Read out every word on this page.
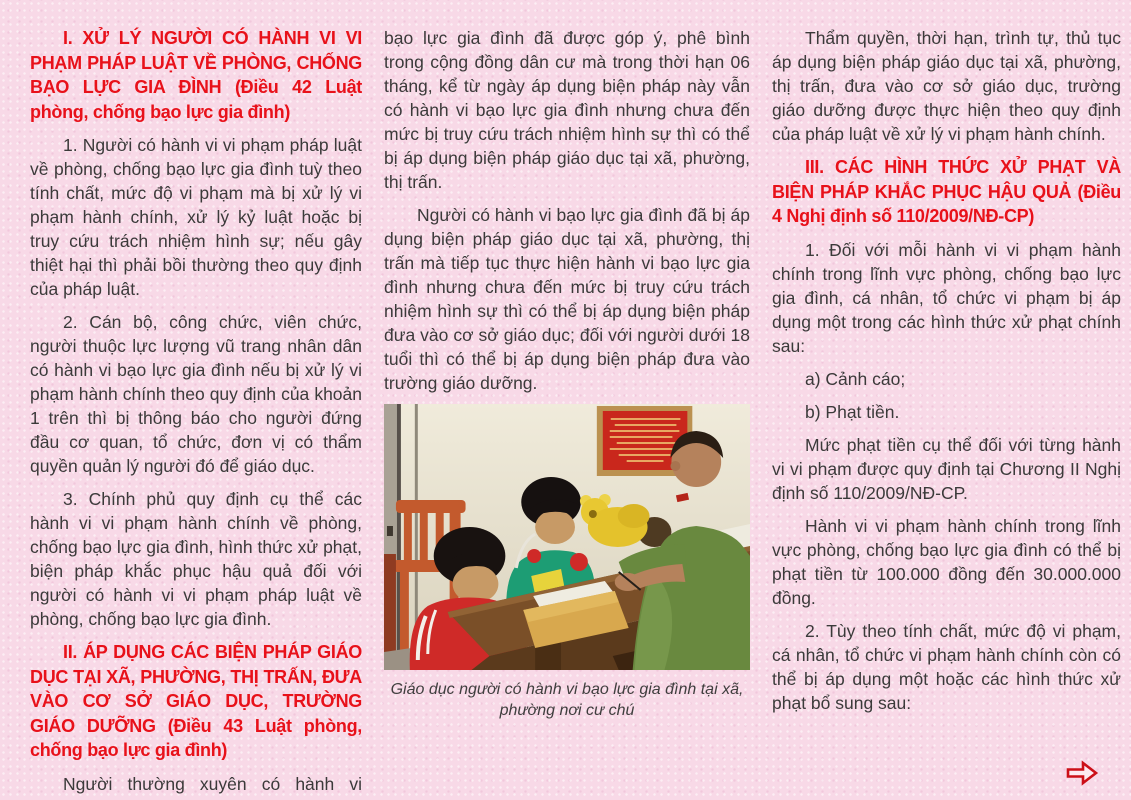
I. XỬ LÝ NGƯỜI CÓ HÀNH VI VI PHẠM PHÁP LUẬT VỀ PHÒNG, CHỐNG BẠO LỰC GIA ĐÌNH (Điều 42 Luật phòng, chống bạo lực gia đình)

1. Người có hành vi vi phạm pháp luật về phòng, chống bạo lực gia đình tuỳ theo tính chất, mức độ vi phạm mà bị xử lý vi phạm hành chính, xử lý kỷ luật hoặc bị truy cứu trách nhiệm hình sự; nếu gây thiệt hại thì phải bồi thường theo quy định của pháp luật.

2. Cán bộ, công chức, viên chức, người thuộc lực lượng vũ trang nhân dân có hành vi bạo lực gia đình nếu bị xử lý vi phạm hành chính theo quy định của khoản 1 trên thì bị thông báo cho người đứng đầu cơ quan, tổ chức, đơn vị có thẩm quyền quản lý người đó để giáo dục.

3. Chính phủ quy định cụ thể các hành vi vi phạm hành chính về phòng, chống bạo lực gia đình, hình thức xử phạt, biện pháp khắc phục hậu quả đối với người có hành vi vi phạm pháp luật về phòng, chống bạo lực gia đình.

II. ÁP DỤNG CÁC BIỆN PHÁP GIÁO DỤC TẠI XÃ, PHƯỜNG, THỊ TRẤN, ĐƯA VÀO CƠ SỞ GIÁO DỤC, TRƯỜNG GIÁO DƯỠNG (Điều 43 Luật phòng, chống bạo lực gia đình)

Người thường xuyên có hành vi

bạo lực gia đình đã được góp ý, phê bình trong cộng đồng dân cư mà trong thời hạn 06 tháng, kể từ ngày áp dụng biện pháp này vẫn có hành vi bạo lực gia đình nhưng chưa đến mức bị truy cứu trách nhiệm hình sự thì có thể bị áp dụng biện pháp giáo dục tại xã, phường, thị trấn.

Người có hành vi bạo lực gia đình đã bị áp dụng biện pháp giáo dục tại xã, phường, thị trấn mà tiếp tục thực hiện hành vi bạo lực gia đình nhưng chưa đến mức bị truy cứu trách nhiệm hình sự thì có thể bị áp dụng biện pháp đưa vào cơ sở giáo dục; đối với người dưới 18 tuổi thì có thể bị áp dụng biện pháp đưa vào trường giáo dưỡng.

Giáo dục người có hành vi bạo lực gia đình tại xã, phường nơi cư chú

Thẩm quyền, thời hạn, trình tự, thủ tục áp dụng biện pháp giáo dục tại xã, phường, thị trấn, đưa vào cơ sở giáo dục, trường giáo dưỡng được thực hiện theo quy định của pháp luật về xử lý vi phạm hành chính.

III. CÁC HÌNH THỨC XỬ PHẠT VÀ BIỆN PHÁP KHẮC PHỤC HẬU QUẢ (Điều 4 Nghị định số 110/2009/NĐ-CP)

1. Đối với mỗi hành vi vi phạm hành chính trong lĩnh vực phòng, chống bạo lực gia đình, cá nhân, tổ chức vi phạm bị áp dụng một trong các hình thức xử phạt chính sau:

a) Cảnh cáo;

b) Phạt tiền.

Mức phạt tiền cụ thể đối với từng hành vi vi phạm được quy định tại Chương II Nghị định số 110/2009/NĐ-CP.

Hành vi vi phạm hành chính trong lĩnh vực phòng, chống bạo lực gia đình có thể bị phạt tiền từ 100.000 đồng đến 30.000.000 đồng.

2. Tùy theo tính chất, mức độ vi phạm, cá nhân, tổ chức vi phạm hành chính còn có thể bị áp dụng một hoặc các hình thức xử phạt bổ sung sau:
